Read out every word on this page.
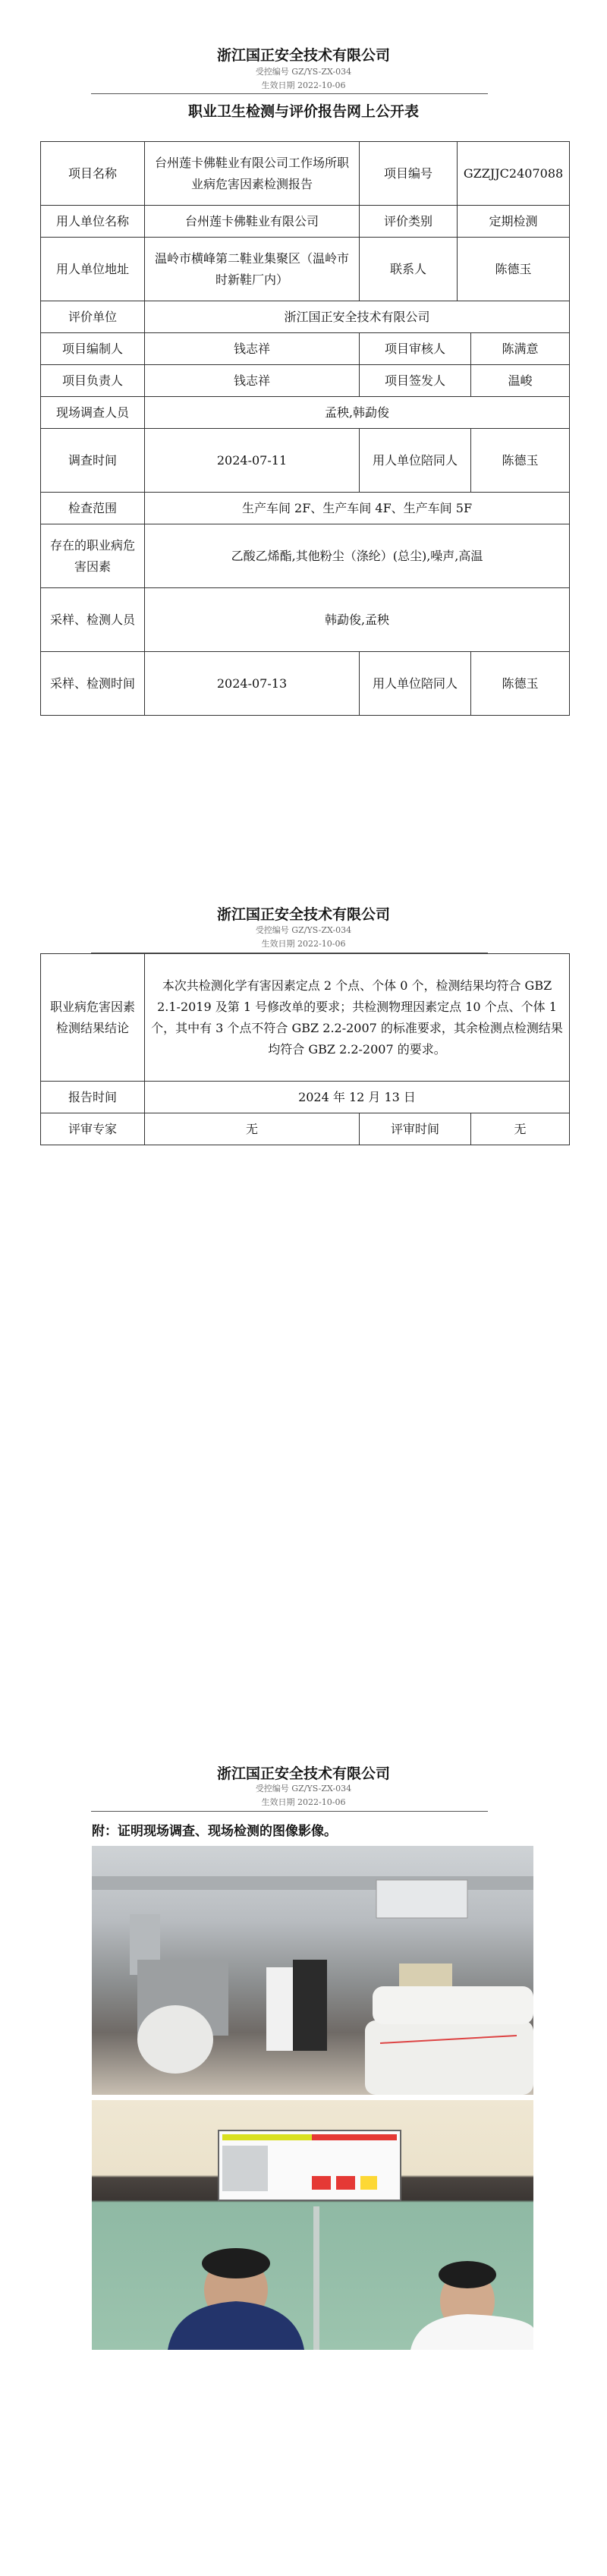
浙江国正安全技术有限公司
受控编号 GZ/YS-ZX-034
生效日期 2022-10-06
职业卫生检测与评价报告网上公开表
项目名称	台州莲卡佛鞋业有限公司工作场所职业病危害因素检测报告	项目编号	GZZJJC2407088	
用人单位名称	台州莲卡佛鞋业有限公司	评价类别	定期检测	
用人单位地址	温岭市横峰第二鞋业集聚区（温岭市时新鞋厂内）	联系人	陈德玉	
评价单位	浙江国正安全技术有限公司			
项目编制人	钱志祥	项目审核人		陈满意
项目负责人	钱志祥	项目签发人		温峻
现场调查人员	孟秧,韩勐俊			
调查时间	2024-07-11	用人单位陪同人		陈德玉
检查范围	生产车间 2F、生产车间 4F、生产车间 5F			
存在的职业病危害因素	乙酸乙烯酯,其他粉尘（涤纶）(总尘),噪声,高温			
采样、检测人员	韩勐俊,孟秧			
采样、检测时间	2024-07-13	用人单位陪同人		陈德玉
浙江国正安全技术有限公司
受控编号 GZ/YS-ZX-034
生效日期 2022-10-06
职业病危害因素检测结果结论	本次共检测化学有害因素定点 2 个点、个体 0 个，检测结果均符合 GBZ 2.1-2019 及第 1 号修改单的要求；共检测物理因素定点 10 个点、个体 1 个，其中有 3 个点不符合 GBZ 2.2-2007 的标准要求，其余检测点检测结果均符合 GBZ 2.2-2007 的要求。		
报告时间	2024 年 12 月 13 日		
评审专家	无	评审时间	无
浙江国正安全技术有限公司
受控编号 GZ/YS-ZX-034
生效日期 2022-10-06
附：证明现场调查、现场检测的图像影像。
